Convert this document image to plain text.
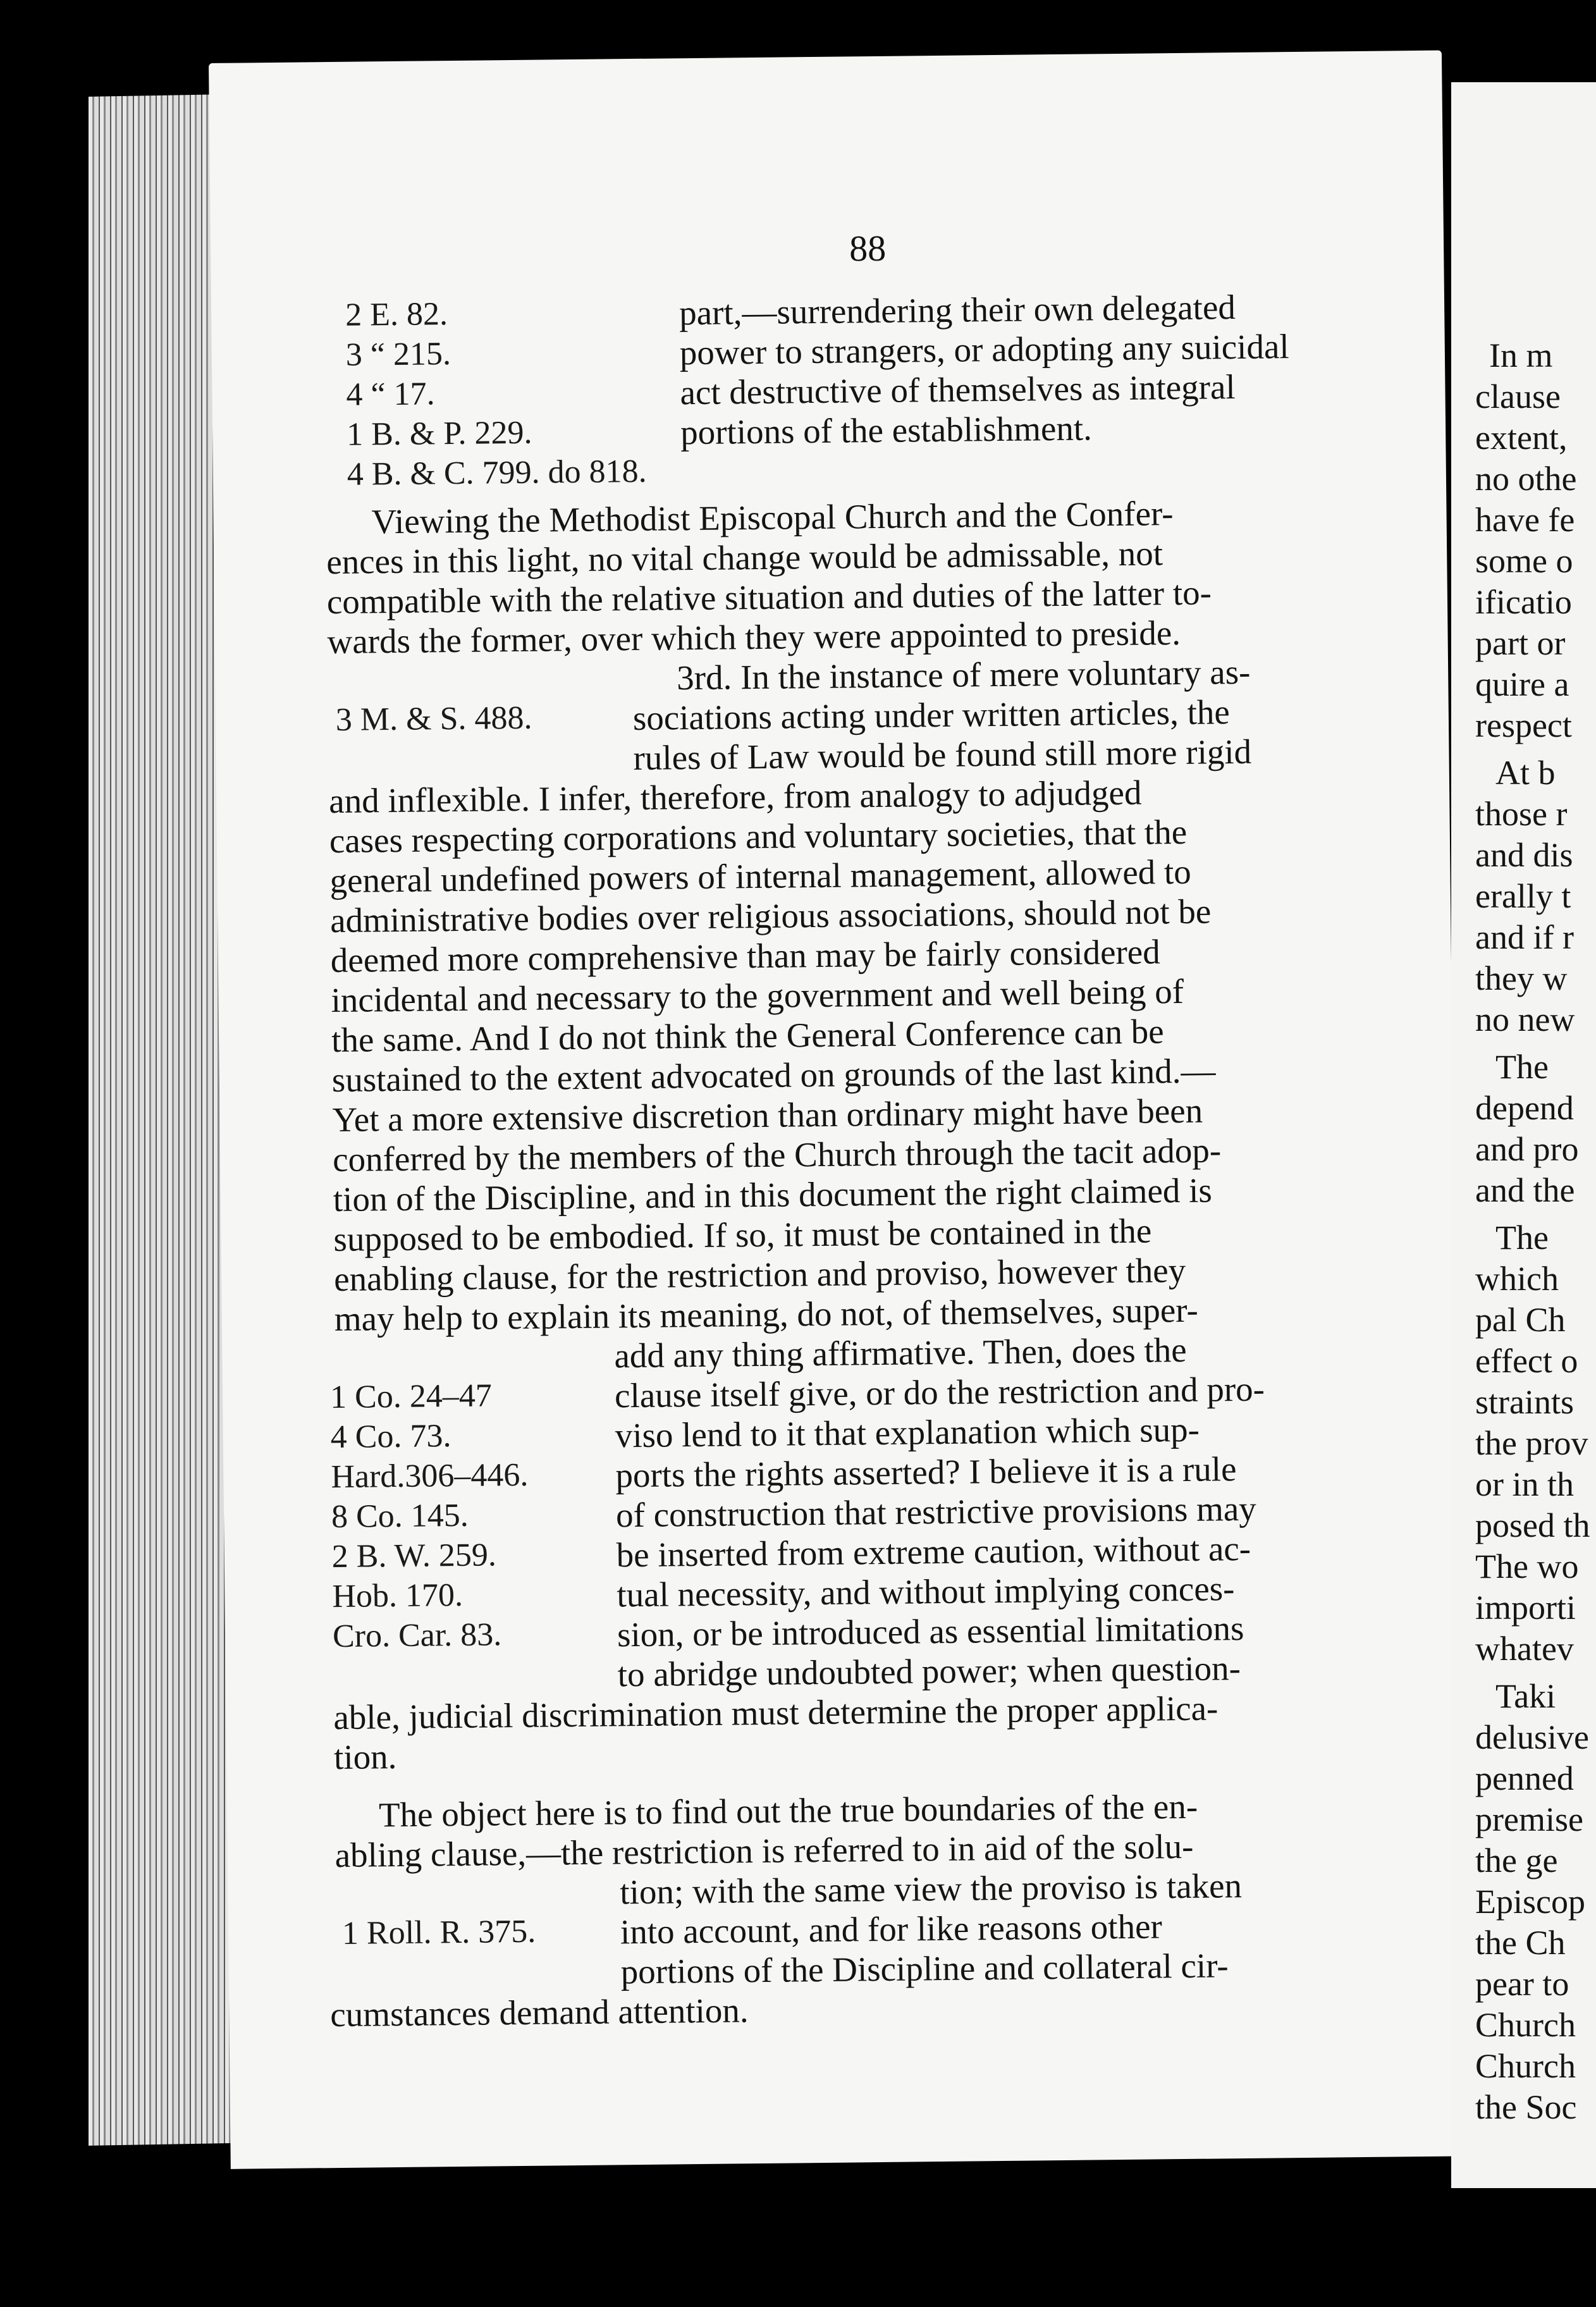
88
2 E. 82.
3 “ 215.
4 “ 17.
1 B. & P. 229.
4 B. & C. 799. do 818.
part,—surrendering their own delegated
power to strangers, or adopting any suicidal
act destructive of themselves as integral
portions of the establishment.
Viewing the Methodist Episcopal Church and the Confer-
ences in this light, no vital change would be admissable, not
compatible with the relative situation and duties of the latter to-
wards the former, over which they were appointed to preside.
3rd. In the instance of mere voluntary as-
3 M. & S. 488.	sociations acting under written articles, the
rules of Law would be found still more rigid
and inflexible. I infer, therefore, from analogy to adjudged
cases respecting corporations and voluntary societies, that the
general undefined powers of internal management, allowed to
administrative bodies over religious associations, should not be
deemed more comprehensive than may be fairly considered
incidental and necessary to the government and well being of
the same. And I do not think the General Conference can be
sustained to the extent advocated on grounds of the last kind.—
Yet a more extensive discretion than ordinary might have been
conferred by the members of the Church through the tacit adop-
tion of the Discipline, and in this document the right claimed is
supposed to be embodied. If so, it must be contained in the
enabling clause, for the restriction and proviso, however they
may help to explain its meaning, do not, of themselves, super-
add any thing affirmative. Then, does the
clause itself give, or do the restriction and pro-
viso lend to it that explanation which sup-
ports the rights asserted? I believe it is a rule
of construction that restrictive provisions may
be inserted from extreme caution, without ac-
tual necessity, and without implying conces-
sion, or be introduced as essential limitations
to abridge undoubted power; when question-
1 Co. 24–47
4 Co. 73.
Hard.306–446.
8 Co. 145.
2 B. W. 259.
Hob. 170.
Cro. Car. 83.
able, judicial discrimination must determine the proper applica-
tion.
The object here is to find out the true boundaries of the en-
abling clause,—the restriction is referred to in aid of the solu-
tion; with the same view the proviso is taken
1 Roll. R. 375. into account, and for like reasons other
portions of the Discipline and collateral cir-
cumstances demand attention.
In m
clause
extent,
no othe
have fe
some o
ificatio
part or
quire a
respect
At b
those r
and dis
erally t
and if r
they w
no new
The
depend
and pro
and the
The
which
pal Ch
effect o
straints
the prov
or in th
posed th
The wo
importi
whatev
Taki
delusive
penned
premise
the ge
Episcop
the Ch
pear to
Church
Church
the Soc
